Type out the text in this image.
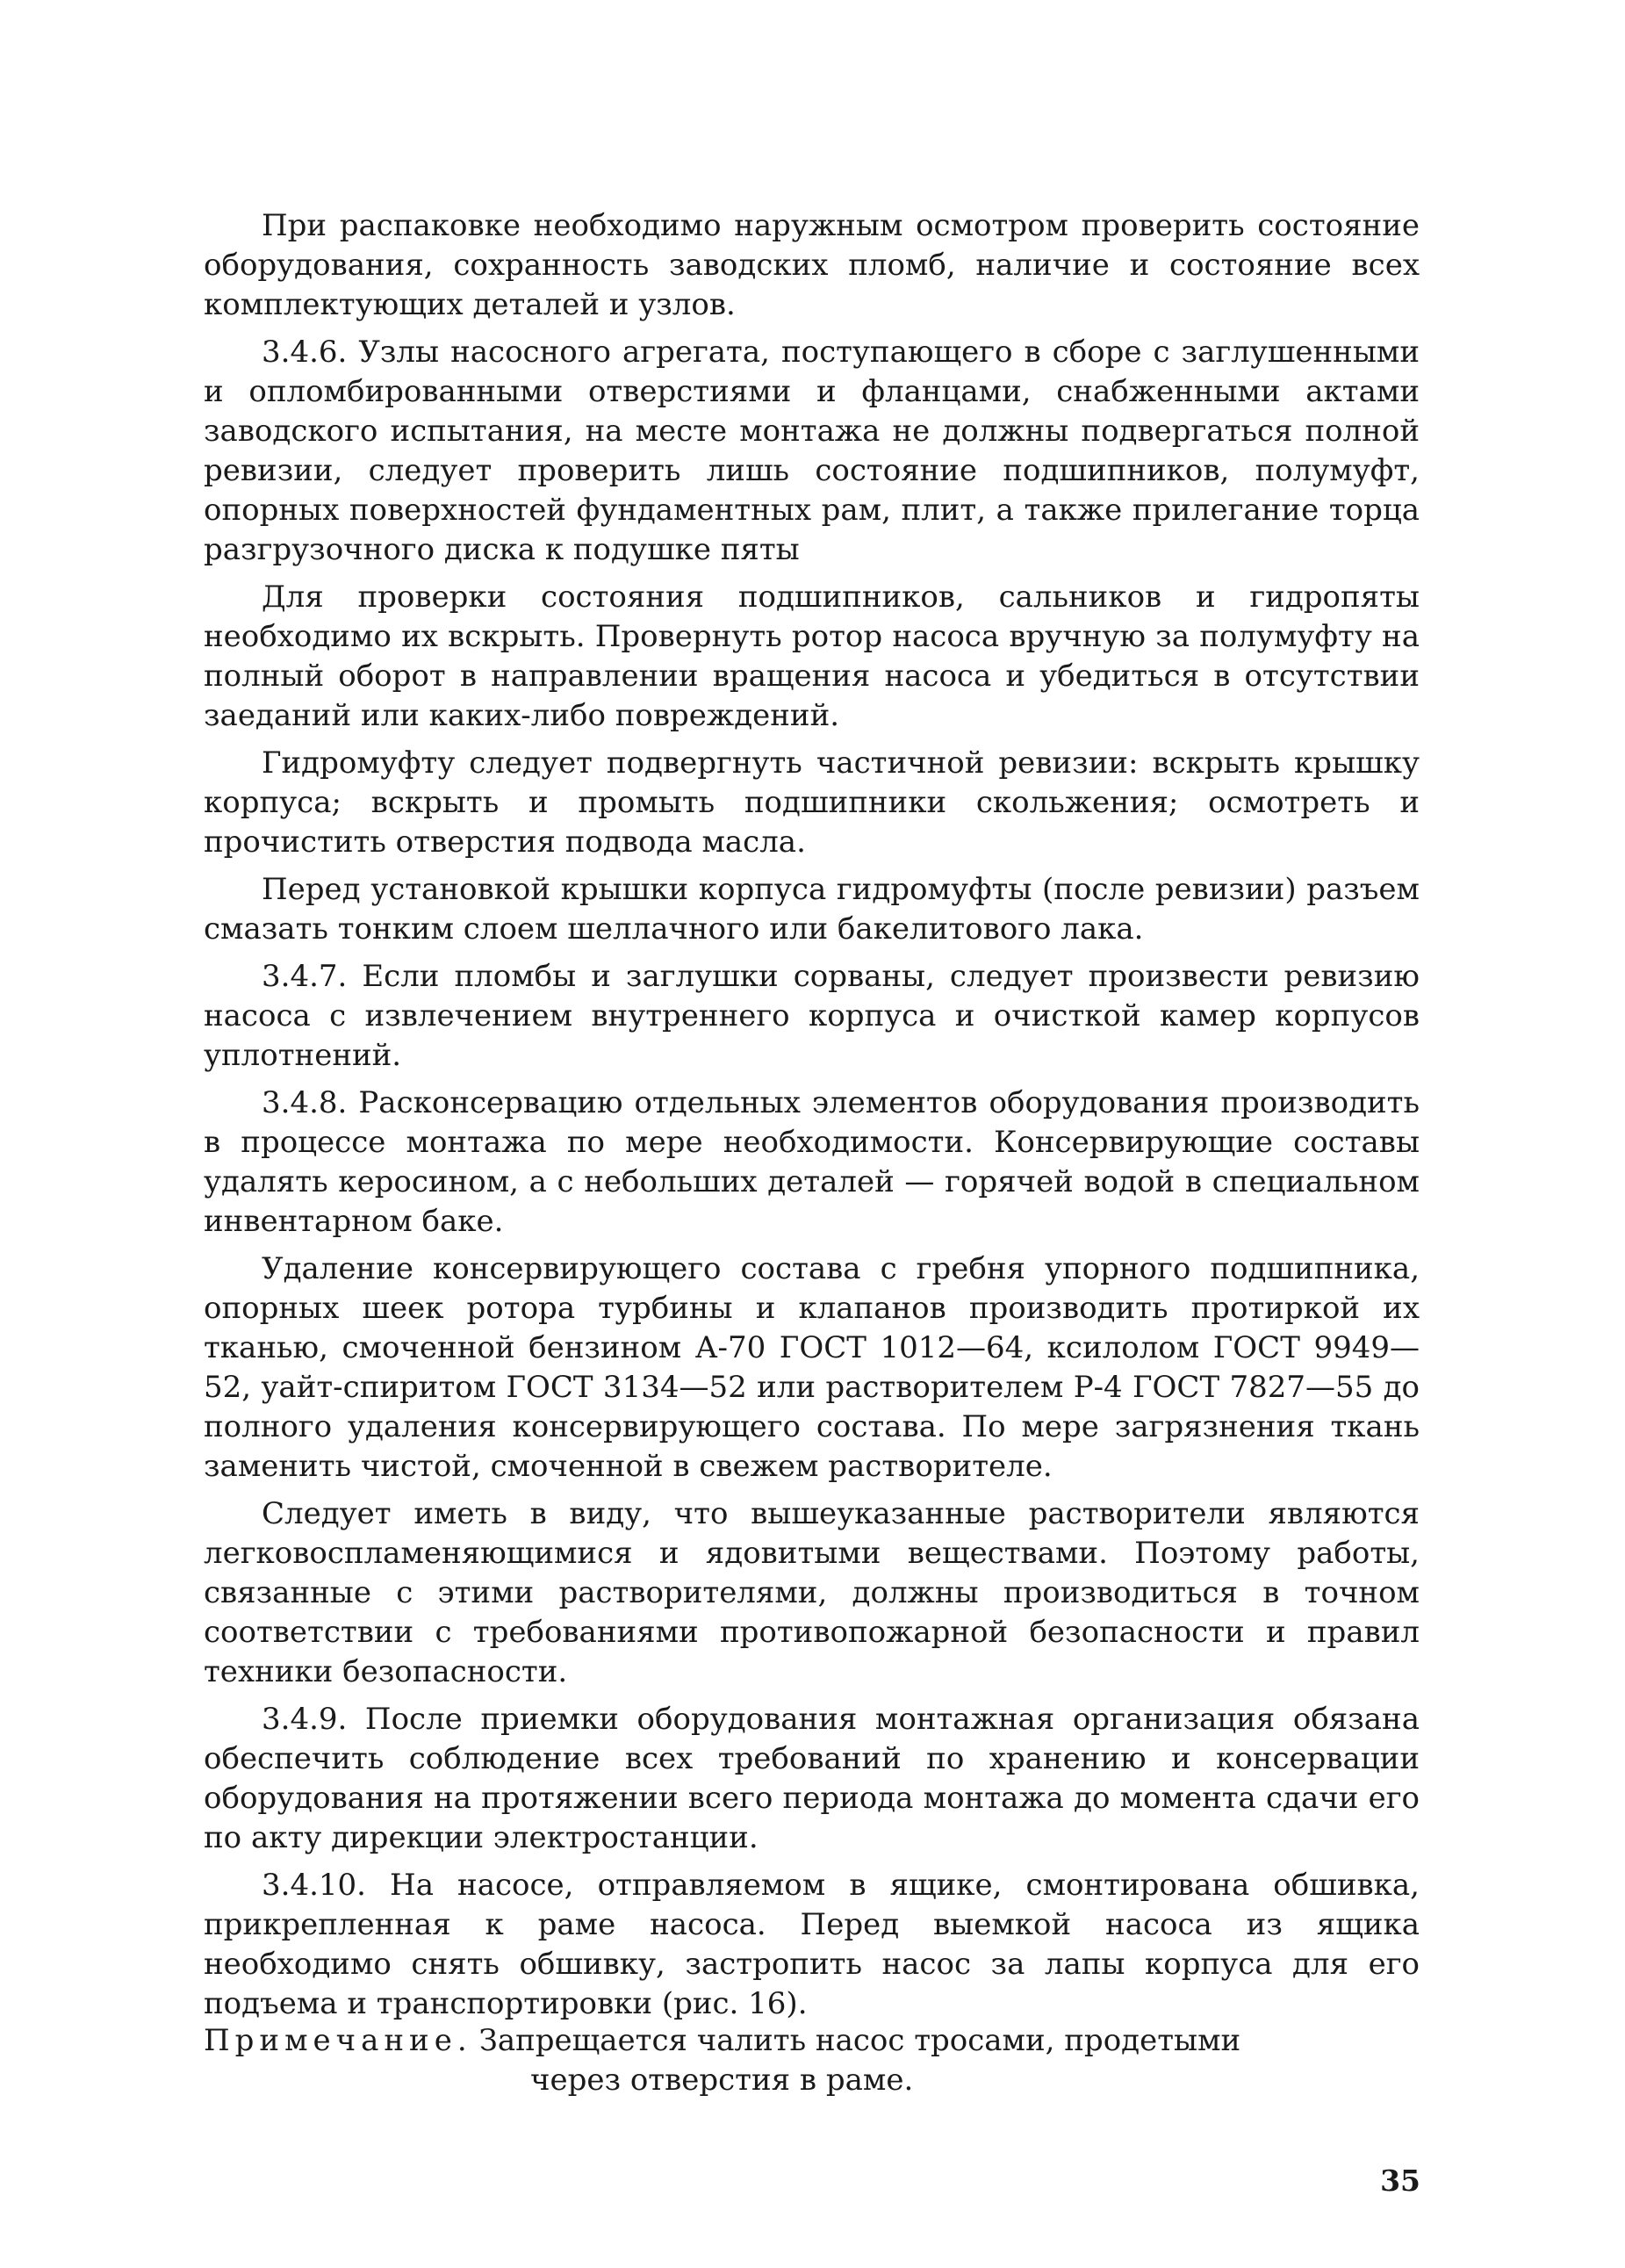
При распаковке необходимо наружным осмотром проверить состояние оборудования, сохранность заводских пломб, наличие и состояние всех комплектующих деталей и узлов.

3.4.6. Узлы насосного агрегата, поступающего в сборе с заглушенными и опломбированными отверстиями и фланцами, снабженными актами заводского испытания, на месте монтажа не должны подвергаться полной ревизии, следует проверить лишь состояние подшипников, полумуфт, опорных поверхностей фундаментных рам, плит, а также прилегание торца разгрузочного диска к подушке пяты

Для проверки состояния подшипников, сальников и гидропяты необходимо их вскрыть. Провернуть ротор насоса вручную за полумуфту на полный оборот в направлении вращения насоса и убедиться в отсутствии заеданий или каких-либо повреждений.

Гидромуфту следует подвергнуть частичной ревизии: вскрыть крышку корпуса; вскрыть и промыть подшипники скольжения; осмотреть и прочистить отверстия подвода масла.

Перед установкой крышки корпуса гидромуфты (после ревизии) разъем смазать тонким слоем шеллачного или бакелитового лака.

3.4.7. Если пломбы и заглушки сорваны, следует произвести ревизию насоса с извлечением внутреннего корпуса и очисткой камер корпусов уплотнений.

3.4.8. Расконсервацию отдельных элементов оборудования производить в процессе монтажа по мере необходимости. Консервирующие составы удалять керосином, а с небольших деталей — горячей водой в специальном инвентарном баке.

Удаление консервирующего состава с гребня упорного подшипника, опорных шеек ротора турбины и клапанов производить протиркой их тканью, смоченной бензином А-70 ГОСТ 1012—64, ксилолом ГОСТ 9949—52, уайт-спиритом ГОСТ 3134—52 или растворителем Р-4 ГОСТ 7827—55 до полного удаления консервирующего состава. По мере загрязнения ткань заменить чистой, смоченной в свежем растворителе.

Следует иметь в виду, что вышеуказанные растворители являются легковоспламеняющимися и ядовитыми веществами. Поэтому работы, связанные с этими растворителями, должны производиться в точном соответствии с требованиями противопожарной безопасности и правил техники безопасности.

3.4.9. После приемки оборудования монтажная организация обязана обеспечить соблюдение всех требований по хранению и консервации оборудования на протяжении всего периода монтажа до момента сдачи его по акту дирекции электростанции.

3.4.10. На насосе, отправляемом в ящике, смонтирована обшивка, прикрепленная к раме насоса. Перед выемкой насоса из ящика необходимо снять обшивку, застропить насос за лапы корпуса для его подъема и транспортировки (рис. 16).

Примечание. Запрещается чалить насос тросами, продетыми
через отверстия в раме.
35
